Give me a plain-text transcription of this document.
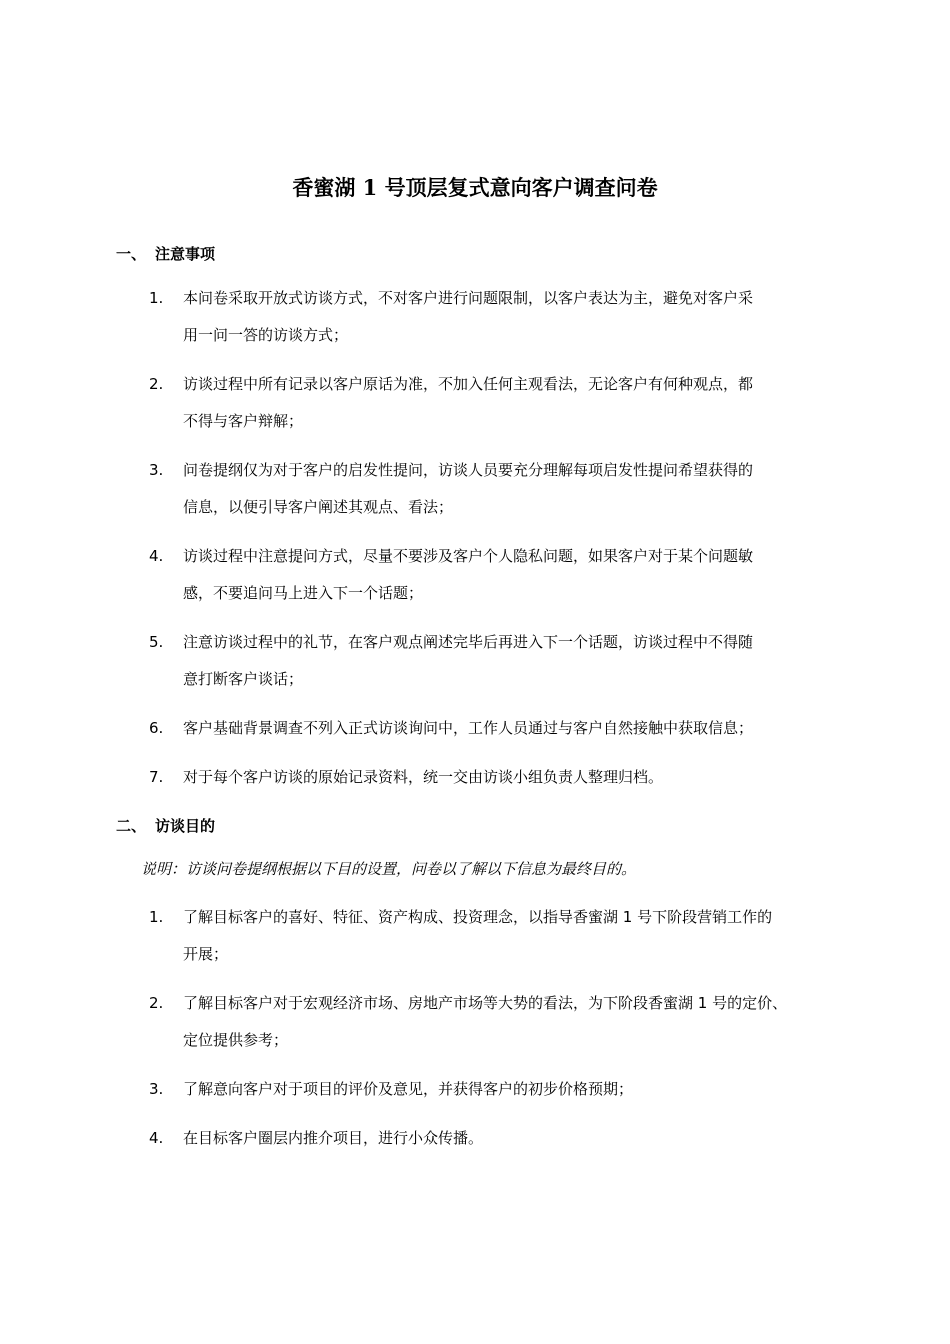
香蜜湖 1 号顶层复式意向客户调查问卷
一、 注意事项
1. 本问卷采取开放式访谈方式，不对客户进行问题限制，以客户表达为主，避免对客户采
用一问一答的访谈方式；
2. 访谈过程中所有记录以客户原话为准，不加入任何主观看法，无论客户有何种观点，都
不得与客户辩解；
3. 问卷提纲仅为对于客户的启发性提问，访谈人员要充分理解每项启发性提问希望获得的
信息，以便引导客户阐述其观点、看法；
4. 访谈过程中注意提问方式，尽量不要涉及客户个人隐私问题，如果客户对于某个问题敏
感，不要追问马上进入下一个话题；
5. 注意访谈过程中的礼节，在客户观点阐述完毕后再进入下一个话题，访谈过程中不得随
意打断客户谈话；
6. 客户基础背景调查不列入正式访谈询问中，工作人员通过与客户自然接触中获取信息；
7. 对于每个客户访谈的原始记录资料，统一交由访谈小组负责人整理归档。
二、 访谈目的

说明：访谈问卷提纲根据以下目的设置，问卷以了解以下信息为最终目的。

1. 了解目标客户的喜好、特征、资产构成、投资理念，以指导香蜜湖 1 号下阶段营销工作的
开展；
2. 了解目标客户对于宏观经济市场、房地产市场等大势的看法，为下阶段香蜜湖 1 号的定价、
定位提供参考；
3. 了解意向客户对于项目的评价及意见，并获得客户的初步价格预期；
4. 在目标客户圈层内推介项目，进行小众传播。
